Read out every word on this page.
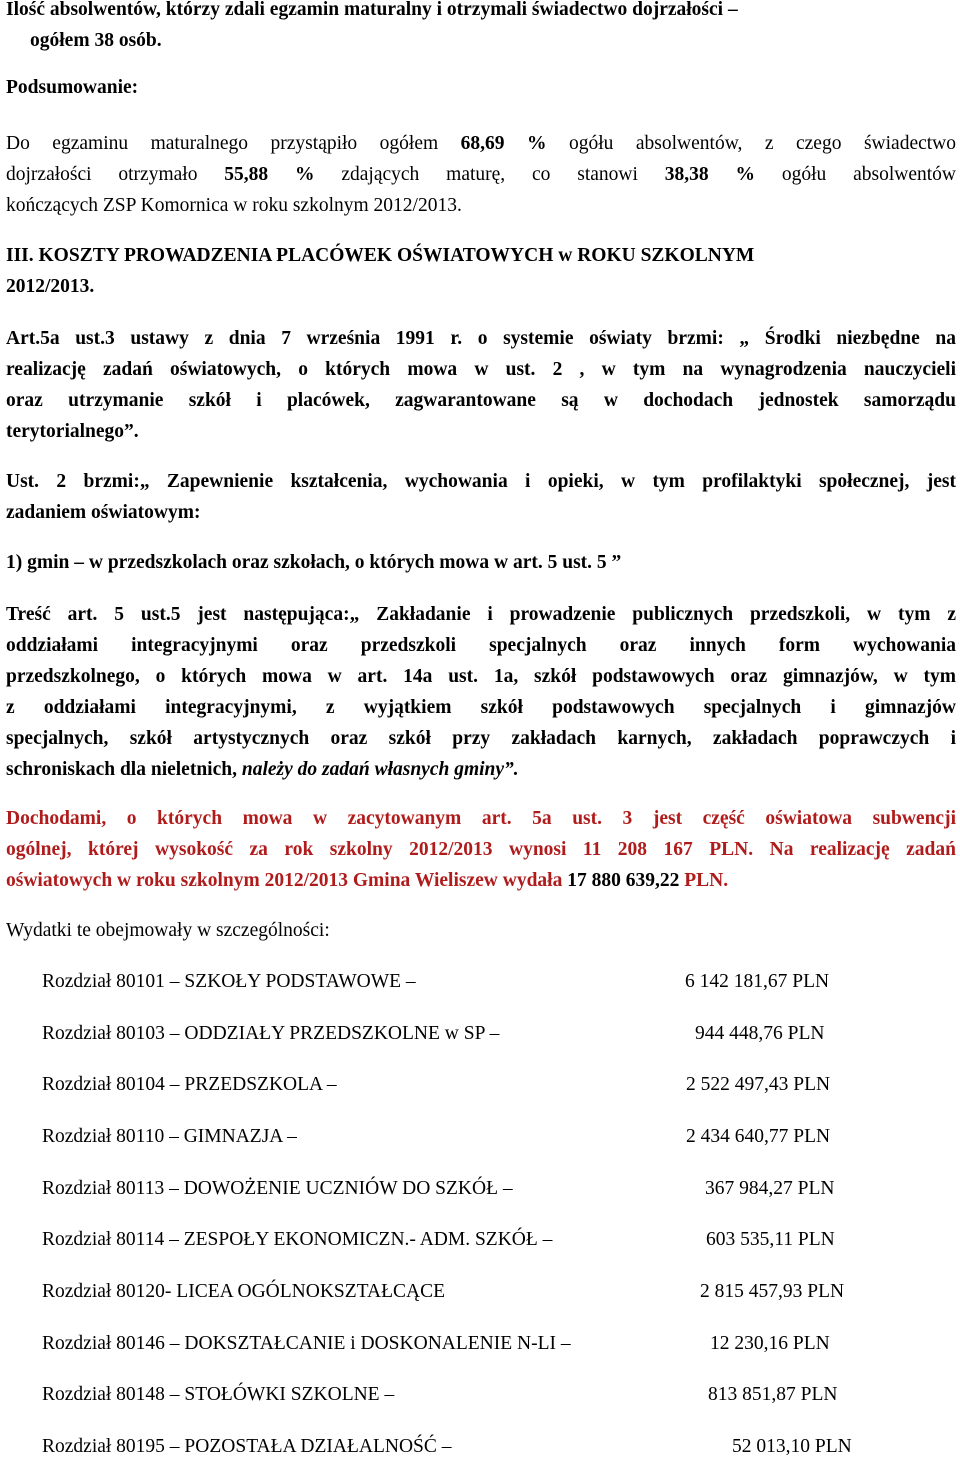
Ilość absolwentów, którzy zdali egzamin maturalny i otrzymali świadectwo dojrzałości –
ogółem 38 osób.
Podsumowanie:
Do egzaminu maturalnego przystąpiło ogółem 68,69 % ogółu absolwentów, z czego świadectwo
dojrzałości otrzymało 55,88 % zdających maturę, co stanowi 38,38 % ogółu absolwentów
kończących ZSP Komornica w roku szkolnym 2012/2013.
III. KOSZTY PROWADZENIA PLACÓWEK OŚWIATOWYCH w ROKU SZKOLNYM
2012/2013.
Art.5a ust.3 ustawy z dnia 7 września 1991 r. o systemie oświaty brzmi: „ Środki niezbędne na
realizację zadań oświatowych, o których mowa w ust. 2 , w tym na wynagrodzenia nauczycieli
oraz utrzymanie szkół i placówek, zagwarantowane są w dochodach jednostek samorządu
terytorialnego”.
Ust. 2 brzmi:„ Zapewnienie kształcenia, wychowania i opieki, w tym profilaktyki społecznej, jest
zadaniem oświatowym:
1) gmin – w przedszkolach oraz szkołach, o których mowa w art. 5 ust. 5 ”
Treść art. 5 ust.5 jest następująca:„ Zakładanie i prowadzenie publicznych przedszkoli, w tym z
oddziałami integracyjnymi oraz przedszkoli specjalnych oraz innych form wychowania
przedszkolnego, o których mowa w art. 14a ust. 1a, szkół podstawowych oraz gimnazjów, w tym
z oddziałami integracyjnymi, z wyjątkiem szkół podstawowych specjalnych i gimnazjów
specjalnych, szkół artystycznych oraz szkół przy zakładach karnych, zakładach poprawczych i
schroniskach dla nieletnich, należy do zadań własnych gminy”.
Dochodami, o których mowa w zacytowanym art. 5a ust. 3 jest część oświatowa subwencji
ogólnej, której wysokość za rok szkolny 2012/2013 wynosi 11 208 167 PLN. Na realizację zadań
oświatowych w roku szkolnym 2012/2013 Gmina Wieliszew wydała 17 880 639,22 PLN.
Wydatki te obejmowały w szczególności:
Rozdział 80101 – SZKOŁY PODSTAWOWE –	6 142 181,67 PLN
Rozdział 80103 – ODDZIAŁY PRZEDSZKOLNE w SP –	944 448,76 PLN
Rozdział 80104 – PRZEDSZKOLA –	2 522 497,43 PLN
Rozdział 80110 – GIMNAZJA –	2 434 640,77 PLN
Rozdział 80113 – DOWOŻENIE UCZNIÓW DO SZKÓŁ –	367 984,27 PLN
Rozdział 80114 – ZESPOŁY EKONOMICZN.- ADM. SZKÓŁ –	603 535,11 PLN
Rozdział 80120- LICEA OGÓLNOKSZTAŁCĄCE	2 815 457,93 PLN
Rozdział 80146 – DOKSZTAŁCANIE i DOSKONALENIE N-LI –	12 230,16 PLN
Rozdział 80148 – STOŁÓWKI SZKOLNE –	813 851,87 PLN
Rozdział 80195 – POZOSTAŁA DZIAŁALNOŚĆ –	52 013,10 PLN
